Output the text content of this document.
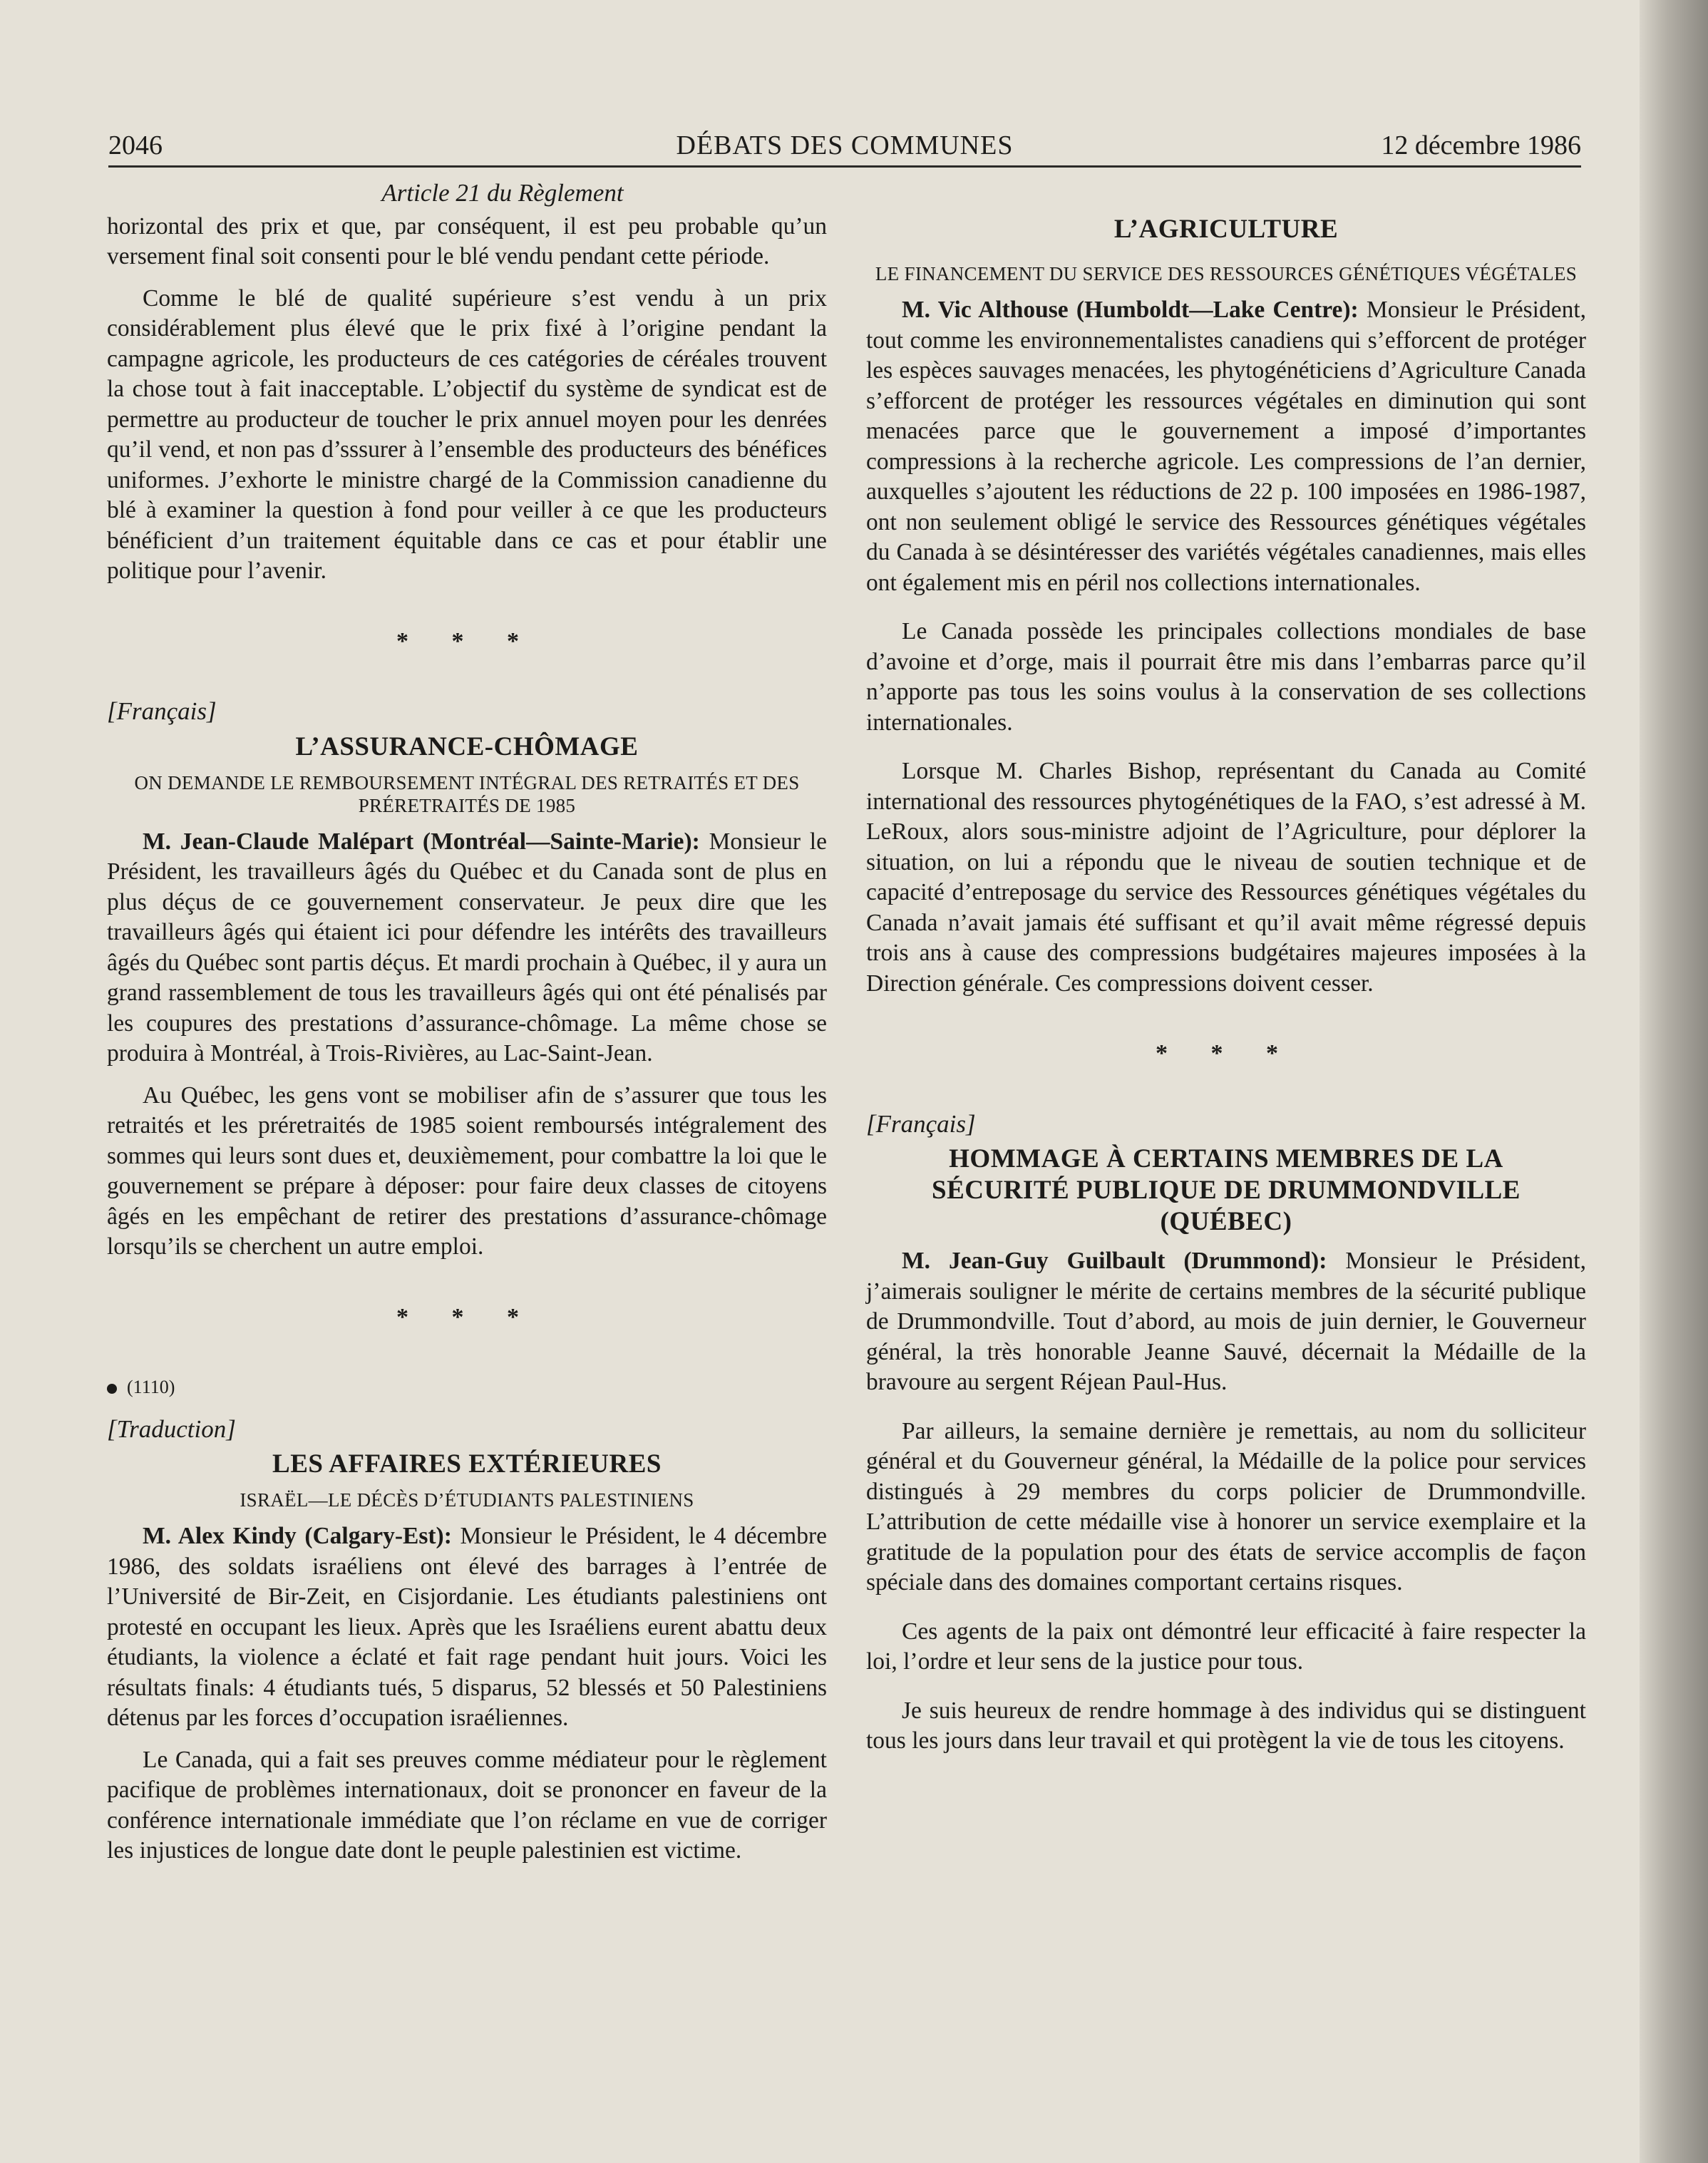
2046	DÉBATS DES COMMUNES	12 décembre 1986
Article 21 du Règlement

horizontal des prix et que, par conséquent, il est peu probable qu’un versement final soit consenti pour le blé vendu pendant cette période.

Comme le blé de qualité supérieure s’est vendu à un prix considérablement plus élevé que le prix fixé à l’origine pendant la campagne agricole, les producteurs de ces catégories de céréales trouvent la chose tout à fait inacceptable. L’objectif du système de syndicat est de permettre au producteur de toucher le prix annuel moyen pour les denrées qu’il vend, et non pas d’sssurer à l’ensemble des producteurs des bénéfices uniformes. J’exhorte le ministre chargé de la Commission canadienne du blé à examiner la question à fond pour veiller à ce que les producteurs bénéficient d’un traitement équitable dans ce cas et pour établir une politique pour l’avenir.

* * *
[Français]
L’ASSURANCE-CHÔMAGE
ON DEMANDE LE REMBOURSEMENT INTÉGRAL DES RETRAITÉS ET DES PRÉRETRAITÉS DE 1985

M. Jean-Claude Malépart (Montréal—Sainte-Marie): Monsieur le Président, les travailleurs âgés du Québec et du Canada sont de plus en plus déçus de ce gouvernement conservateur. Je peux dire que les travailleurs âgés qui étaient ici pour défendre les intérêts des travailleurs âgés du Québec sont partis déçus. Et mardi prochain à Québec, il y aura un grand rassemblement de tous les travailleurs âgés qui ont été pénalisés par les coupures des prestations d’assurance-chômage. La même chose se produira à Montréal, à Trois-Rivières, au Lac-Saint-Jean.

Au Québec, les gens vont se mobiliser afin de s’assurer que tous les retraités et les préretraités de 1985 soient remboursés intégralement des sommes qui leurs sont dues et, deuxièmement, pour combattre la loi que le gouvernement se prépare à déposer: pour faire deux classes de citoyens âgés en les empêchant de retirer des prestations d’assurance-chômage lorsqu’ils se cherchent un autre emploi.

* * *
(1110)
[Traduction]
LES AFFAIRES EXTÉRIEURES
ISRAËL—LE DÉCÈS D’ÉTUDIANTS PALESTINIENS

M. Alex Kindy (Calgary-Est): Monsieur le Président, le 4 décembre 1986, des soldats israéliens ont élevé des barrages à l’entrée de l’Université de Bir-Zeit, en Cisjordanie. Les étudiants palestiniens ont protesté en occupant les lieux. Après que les Israéliens eurent abattu deux étudiants, la violence a éclaté et fait rage pendant huit jours. Voici les résultats finals: 4 étudiants tués, 5 disparus, 52 blessés et 50 Palestiniens détenus par les forces d’occupation israéliennes.

Le Canada, qui a fait ses preuves comme médiateur pour le règlement pacifique de problèmes internationaux, doit se prononcer en faveur de la conférence internationale immédiate que l’on réclame en vue de corriger les injustices de longue date dont le peuple palestinien est victime.

L’AGRICULTURE
LE FINANCEMENT DU SERVICE DES RESSOURCES GÉNÉTIQUES VÉGÉTALES

M. Vic Althouse (Humboldt—Lake Centre): Monsieur le Président, tout comme les environnementalistes canadiens qui s’efforcent de protéger les espèces sauvages menacées, les phytogénéticiens d’Agriculture Canada s’efforcent de protéger les ressources végétales en diminution qui sont menacées parce que le gouvernement a imposé d’importantes compressions à la recherche agricole. Les compressions de l’an dernier, auxquelles s’ajoutent les réductions de 22 p. 100 imposées en 1986-1987, ont non seulement obligé le service des Ressources génétiques végétales du Canada à se désintéresser des variétés végétales canadiennes, mais elles ont également mis en péril nos collections internationales.

Le Canada possède les principales collections mondiales de base d’avoine et d’orge, mais il pourrait être mis dans l’embarras parce qu’il n’apporte pas tous les soins voulus à la conservation de ses collections internationales.

Lorsque M. Charles Bishop, représentant du Canada au Comité international des ressources phytogénétiques de la FAO, s’est adressé à M. LeRoux, alors sous-ministre adjoint de l’Agriculture, pour déplorer la situation, on lui a répondu que le niveau de soutien technique et de capacité d’entreposage du service des Ressources génétiques végétales du Canada n’avait jamais été suffisant et qu’il avait même régressé depuis trois ans à cause des compressions budgétaires majeures imposées à la Direction générale. Ces compressions doivent cesser.

* * *
[Français]
HOMMAGE À CERTAINS MEMBRES DE LA SÉCURITÉ PUBLIQUE DE DRUMMONDVILLE (QUÉBEC)

M. Jean-Guy Guilbault (Drummond): Monsieur le Président, j’aimerais souligner le mérite de certains membres de la sécurité publique de Drummondville. Tout d’abord, au mois de juin dernier, le Gouverneur général, la très honorable Jeanne Sauvé, décernait la Médaille de la bravoure au sergent Réjean Paul-Hus.

Par ailleurs, la semaine dernière je remettais, au nom du solliciteur général et du Gouverneur général, la Médaille de la police pour services distingués à 29 membres du corps policier de Drummondville. L’attribution de cette médaille vise à honorer un service exemplaire et la gratitude de la population pour des états de service accomplis de façon spéciale dans des domaines comportant certains risques.

Ces agents de la paix ont démontré leur efficacité à faire respecter la loi, l’ordre et leur sens de la justice pour tous.

Je suis heureux de rendre hommage à des individus qui se distinguent tous les jours dans leur travail et qui protègent la vie de tous les citoyens.
